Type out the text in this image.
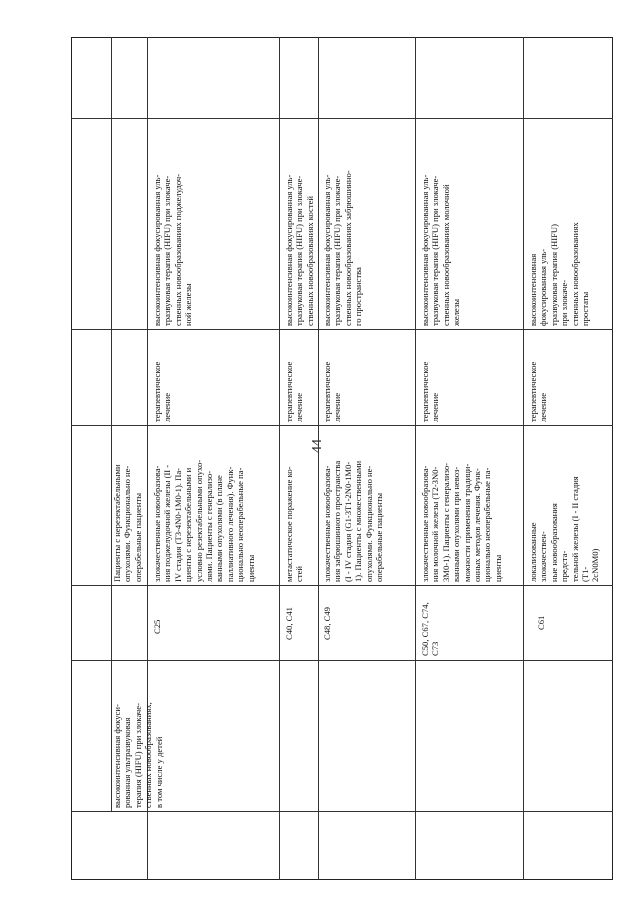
44
высокоинтенсивная фокуси-
рованная ультразвуковая
терапия (HIFU) при злокаче-
ственных новообразованиях,
в том числе у детей
Пациенты с нерезектабельными
опухолями. Функционально не-
операбельные пациенты
C25
злокачественные новообразова-
ния поджелудочной железы (II -
IV стадия (T3-4N0-1M0-1). Па-
циенты с нерезектабельными и
условно резектабельными опухо-
лями. Пациенты с генерализо-
ванными опухолями (в плане
паллиативного лечения). Функ-
ционально неоперабельные па-
циенты
терапевтическое
лечение
высокоинтенсивная фокусированная уль-
тразвуковая терапия (HIFU) при злокаче-
ственных новообразованиях поджелудоч-
ной железы
C40, C41
метастатическое поражение ко-
стей
терапевтическое
лечение
высокоинтенсивная фокусированная уль-
тразвуковая терапия (HIFU) при злокаче-
ственных новообразованиях костей
C48, C49
злокачественные новообразова-
ния забрюшинного пространства
(I - IV стадия (G1-3T1-2N0-1M0-
1). Пациенты с множественными
опухолями. Функционально не-
операбельные пациенты
терапевтическое
лечение
высокоинтенсивная фокусированная уль-
тразвуковая терапия (HIFU) при злокаче-
ственных новообразованиях забрюшинно-
го пространства
C50, C67, C74,
C73
злокачественные новообразова-
ния молочной железы (T2-3N0-
3M0-1). Пациенты с генерализо-
ванными опухолями при невоз-
можности применения традици-
онных методов лечения. Функ-
ционально неоперабельные па-
циенты
терапевтическое
лечение
высокоинтенсивная фокусированная уль-
тразвуковая терапия (HIFU) при злокаче-
ственных новообразованиях молочной
железы
C61
локализованные злокачествен-
ные новообразования предста-
тельной железы (I - II стадия (T1-
2cN0M0)
терапевтическое
лечение
высокоинтенсивная фокусированная уль-
тразвуковая терапия (HIFU) при злокаче-
ственных новообразованиях простаты
